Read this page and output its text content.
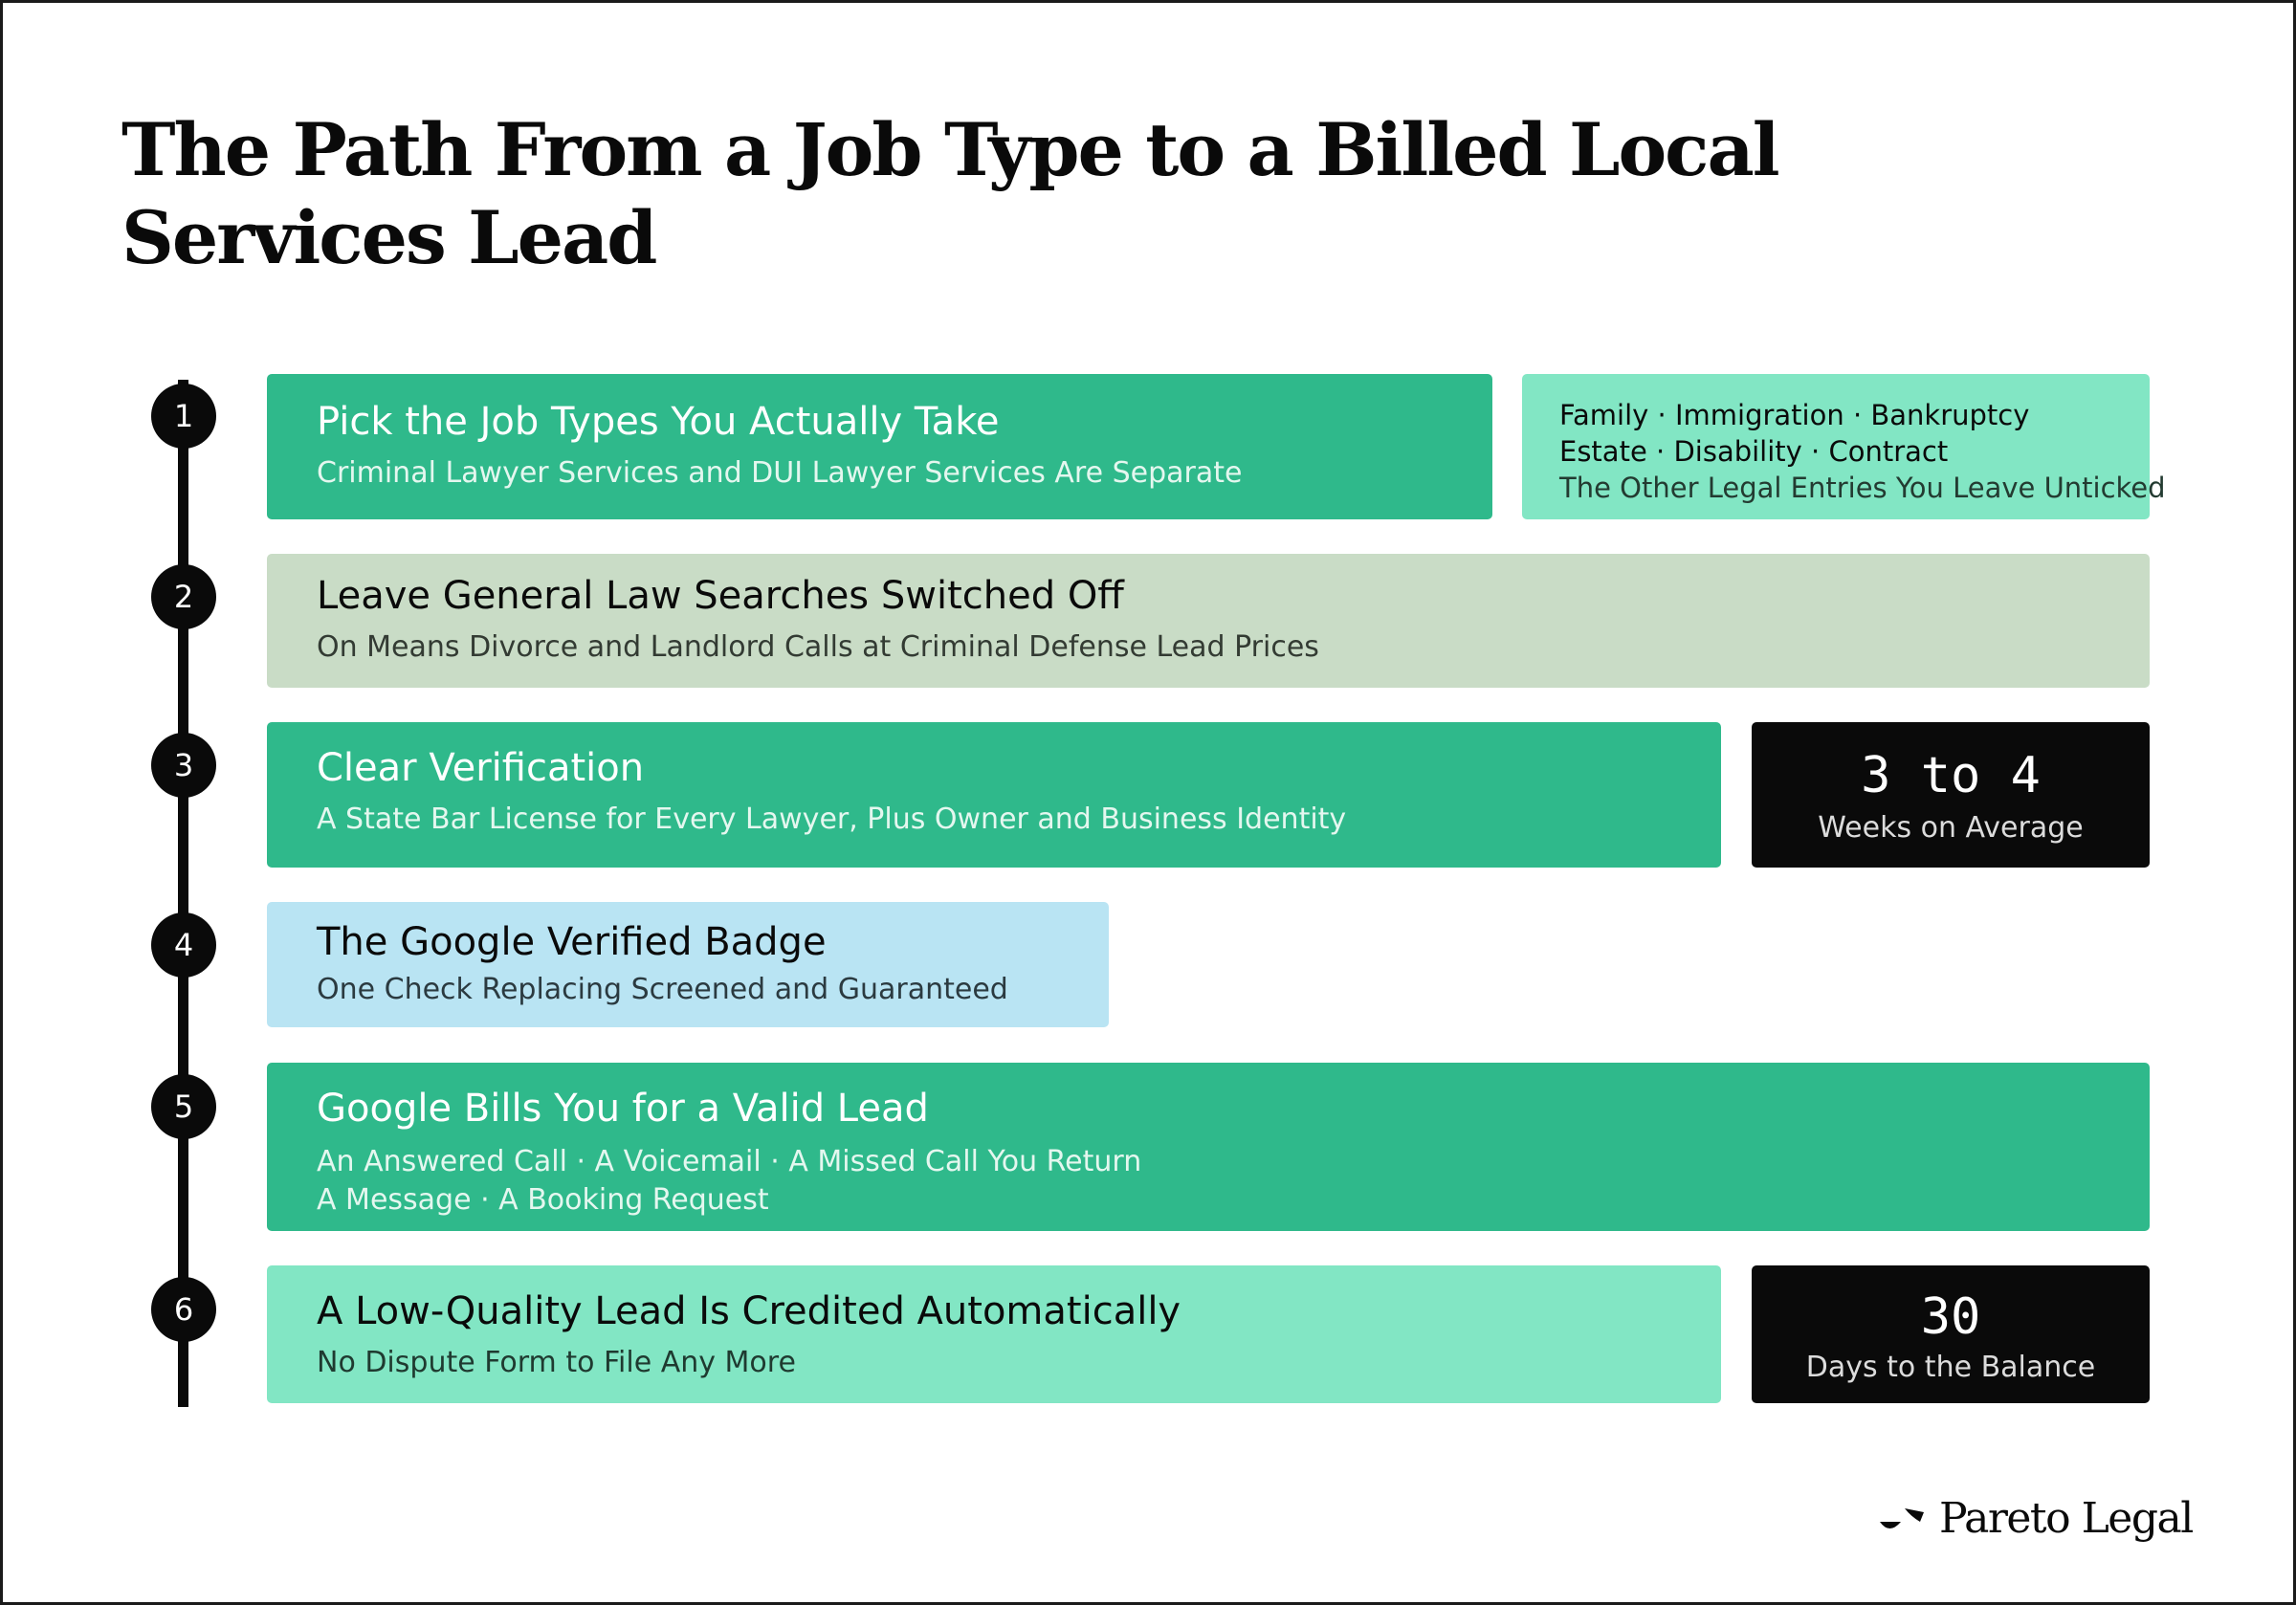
The Path From a Job Type to a Billed Local Services Lead
1
2
3
4
5
6
Pick the Job Types You Actually Take
Criminal Lawyer Services and DUI Lawyer Services Are Separate
Family · Immigration · Bankruptcy
Estate · Disability · Contract
The Other Legal Entries You Leave Unticked
Leave General Law Searches Switched Off
On Means Divorce and Landlord Calls at Criminal Defense Lead Prices
Clear Verification
A State Bar License for Every Lawyer, Plus Owner and Business Identity
3 to 4
Weeks on Average
The Google Verified Badge
One Check Replacing Screened and Guaranteed
Google Bills You for a Valid Lead
An Answered Call · A Voicemail · A Missed Call You Return
A Message · A Booking Request
A Low-Quality Lead Is Credited Automatically
No Dispute Form to File Any More
30
Days to the Balance
Pareto Legal
